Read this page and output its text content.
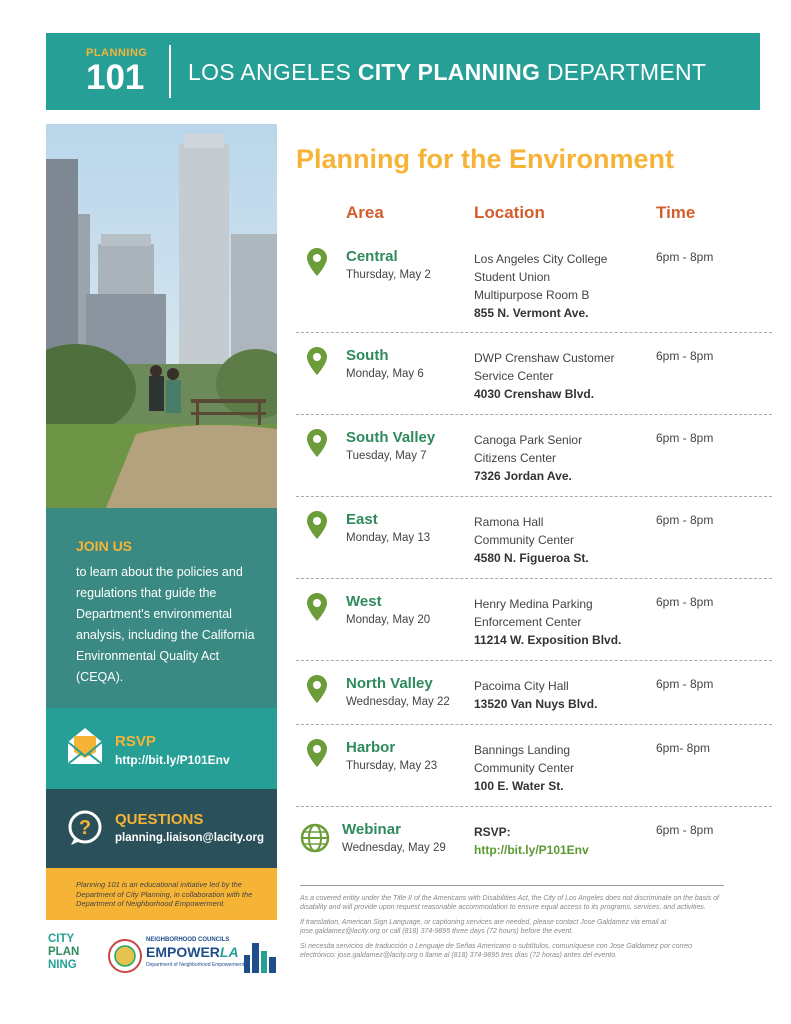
PLANNING
101 LOS ANGELES CITY PLANNING DEPARTMENT
JOIN US

to learn about the policies and regulations that guide the Department's environmental analysis, including the California Environmental Quality Act (CEQA).

RSVP
http://bit.ly/P101Env
? QUESTIONS
planning.liaison@lacity.org

Planning 101 is an educational initiative led by the Department of City Planning, in collaboration with the Department of Neighborhood Empowerment.

CITY
PLAN
NING
NEIGHBORHOOD COUNCILS
EMPOWERLA
Department of Neighborhood Empowerment
Planning for the Environment
Area	Location	Time
Central
Thursday, May 2
Los Angeles City College
Student Union
Multipurpose Room B
855 N. Vermont Ave.
6pm - 8pm
South
Monday, May 6
DWP Crenshaw Customer
Service Center
4030 Crenshaw Blvd.
6pm - 8pm
South Valley
Tuesday, May 7
Canoga Park Senior
Citizens Center
7326 Jordan Ave.
6pm - 8pm
East
Monday, May 13
Ramona Hall
Community Center
4580 N. Figueroa St.
6pm - 8pm
West
Monday, May 20
Henry Medina Parking
Enforcement Center
11214 W. Exposition Blvd.
6pm - 8pm
North Valley
Wednesday, May 22
Pacoima City Hall
13520 Van Nuys Blvd.
6pm - 8pm
Harbor
Thursday, May 23
Bannings Landing
Community Center
100 E. Water St.
6pm- 8pm
Webinar
Wednesday, May 29
RSVP:
http://bit.ly/P101Env
6pm - 8pm

As a covered entity under the Title II of the Americans with Disabilities Act, the City of Los Angeles does not discriminate on the basis of disability and will provide upon request reasonable accommodation to ensure equal access to its programs, services, and activities.

If translation, American Sign Language, or captioning services are needed, please contact Jose Galdamez via email at jose.galdamez@lacity.org or call (818) 374-9895 three days (72 hours) before the event.

Si necesita servicios de traducción o Lenguaje de Señas Americano o subtítulos, comuníquese con Jose Galdamez por correo electrónico: jose.galdamez@lacity.org o llame al (818) 374-9895 tres días (72 horas) antes del evento.
